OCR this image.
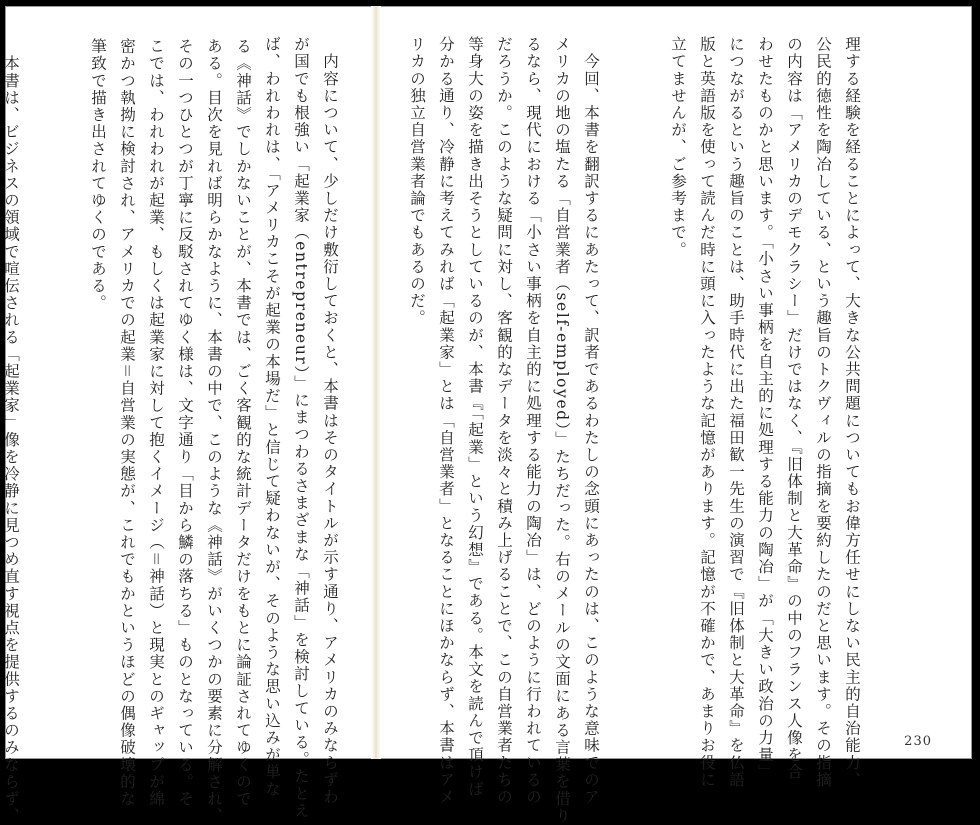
る《神話》でしかないことが、本書では、ごく客観的な統計データだけをもとに論証されてゆくので
ある。目次を見れば明らかなように、本書の中で、このような《神話》がいくつかの要素に分解され、
その一つひとつが丁寧に反駁されてゆく様は、文字通り「目から鱗の落ちる」ものとなっている。そ
こでは、われわれが起業、もしくは起業家に対して抱くイメージ（＝神話）と現実とのギャップが綿
密かつ執拗に検討され、アメリカでの起業＝自営業の実態が、これでもかというほどの偶像破壊的な
筆致で描き出されてゆくのである。

　本書は、ビジネスの領域で喧伝される「起業家」像を冷静に見つめ直す視点を提供するのみならず、

	理する経験を経ることによって、大きな公共問題についてもお偉方任せにしない民主的自治能力、
公民的徳性を陶冶している、という趣旨のトクヴィルの指摘を要約したのだと思います。その指摘
の内容は「アメリカのデモクラシー」だけではなく、『旧体制と大革命』の中のフランス人像を合
わせたものかと思います。「小さい事柄を自主的に処理する能力の陶冶」が「大きい政治の力量」
につながるという趣旨のことは、助手時代に出た福田歓一先生の演習で『旧体制と大革命』を仏語
版と英語版を使って読んだ時に頭に入ったような記憶があります。記憶が不確かで、あまりお役に
立てませんが、ご参考まで。

　今回、本書を翻訳するにあたって、訳者であるわたしの念頭にあったのは、このような意味でのア
メリカの地の塩たる「自営業者（self-employed）」たちだった。右のメールの文面にある言葉を借り
るなら、現代における「小さい事柄を自主的に処理する能力の陶冶」は、どのように行われているの
だろうか。このような疑問に対し、客観的なデータを淡々と積み上げることで、この自営業者たちの
等身大の姿を描き出そうとしているのが、本書『「起業」という幻想』である。本文を読んで頂けば
分かる通り、冷静に考えてみれば「起業家」とは「自営業者」となることにほかならず、本書はアメ
リカの独立自営業者論でもあるのだ。

　内容について、少しだけ敷衍しておくと、本書はそのタイトルが示す通り、アメリカのみならずわ
が国でも根強い「起業家（entrepreneur）」にまつわるさまざまな「神話」を検討している。たとえ
ば、われわれは、「アメリカこそが起業の本場だ」と信じて疑わないが、そのような思い込みが単な

	230
